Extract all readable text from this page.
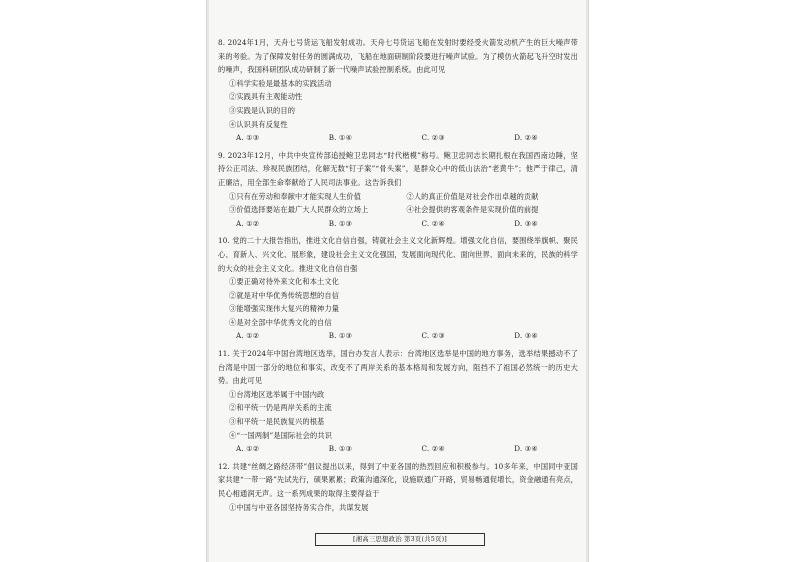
8. 2024年1月，天舟七号货运飞船发射成功。天舟七号货运飞船在发射时要经受火箭发动机产生的巨大噪声带来的考验。为了保障发射任务的圆满成功，飞船在地面研制阶段要进行噪声试验。为了模仿火箭起飞升空时发出的噪声，我国科研团队成功研制了新一代噪声试验控制系统。由此可见
①科学实验是最基本的实践活动
②实践具有主观能动性
③实践是认识的目的
④认识具有反复性
A. ①③	B. ①④	C. ②③	D. ②④
9. 2023年12月，中共中央宣传部追授鲍卫忠同志“时代楷模”称号。鲍卫忠同志长期扎根在我国西南边陲，坚持公正司法、珍视民族团结，化解无数“钉子案”“骨头案”，是群众心中的低山法治“老黄牛”；他严于律己，清正廉洁，用全部生命奉献给了人民司法事业。这告诉我们
①只有在劳动和奉献中才能实现人生价值	②人的真正价值是对社会作出卓越的贡献
③价值选择要站在最广大人民群众的立场上	④社会提供的客观条件是实现价值的前提
A. ①②	B. ①③	C. ②④	D. ③④
10. 党的二十大报告指出，推进文化自信自强，铸就社会主义文化新辉煌。增强文化自信，要围绕举旗帜、聚民心、育新人、兴文化、展形象，建设社会主义文化强国，发展面向现代化、面向世界、面向未来的，民族的科学的大众的社会主义文化。推进文化自信自强
①要正确对待外来文化和本土文化
②就是对中华优秀传统思想的自信
③能增强实现伟大复兴的精神力量
④是对全部中华优秀文化的自信
A. ①②	B. ①③	C. ②③	D. ③④
11. 关于2024年中国台湾地区选举，国台办发言人表示：台湾地区选举是中国的地方事务，选举结果撼动不了台湾是中国一部分的地位和事实，改变不了两岸关系的基本格局和发展方向，阻挡不了祖国必然统一的历史大势。由此可见
①台湾地区选举属于中国内政
②和平统一仍是两岸关系的主流
③和平统一是民族复兴的根基
④“一国两制”是国际社会的共识
A. ①②	B. ①③	C. ②④	D. ③④
12. 共建“丝绸之路经济带”倡议提出以来，得到了中亚各国的热烈回应和积极参与。10多年来，中国同中亚国家共建“一带一路”先试先行，硕果累累；政策沟通深化，设施联通广开路，贸易畅通促增长，资金融通有亮点，民心相通润无声。这一系列成果的取得主要得益于
①中国与中亚各国坚持务实合作，共谋发展
[湘高三思想政治 第3页(共5页)]
